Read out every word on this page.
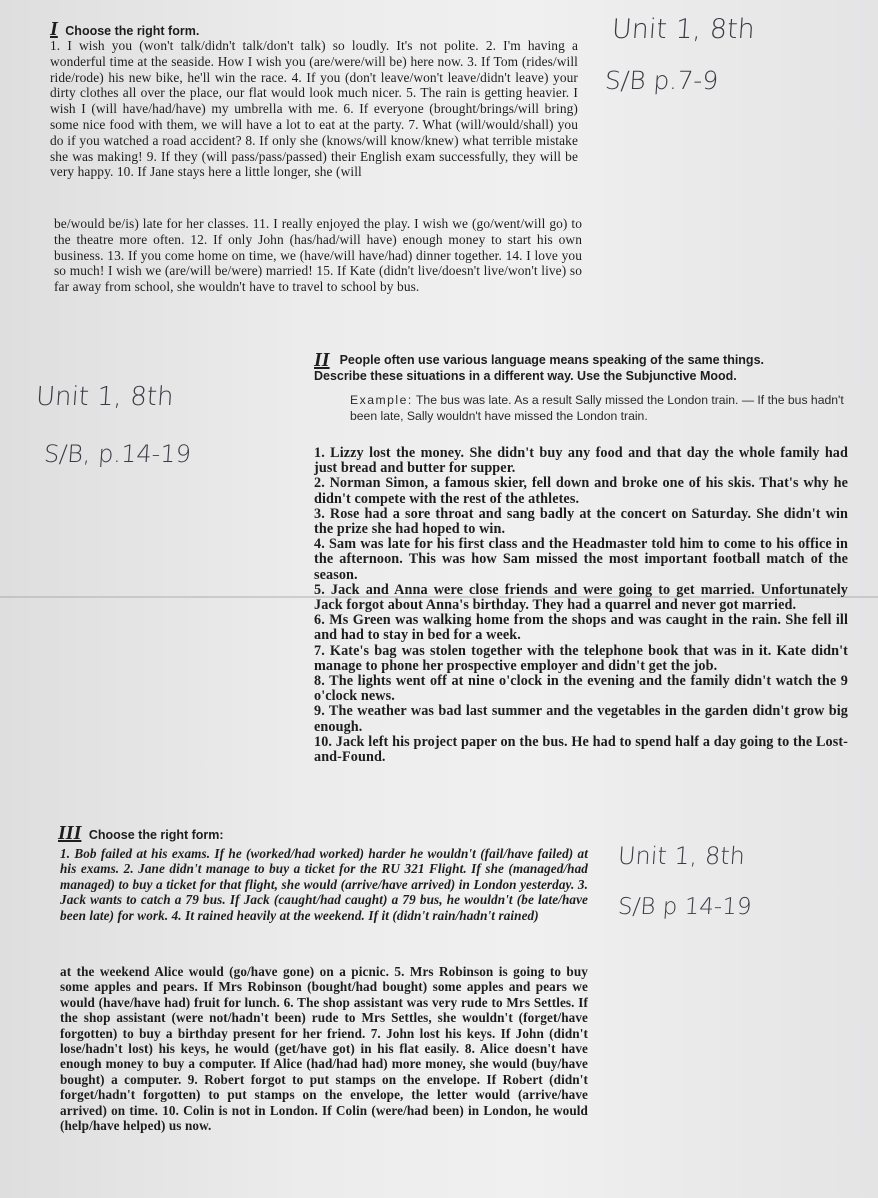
I Choose the right form.

1. I wish you (won't talk/didn't talk/don't talk) so loudly. It's not polite. 2. I'm having a wonderful time at the seaside. How I wish you (are/were/will be) here now. 3. If Tom (rides/will ride/rode) his new bike, he'll win the race. 4. If you (don't leave/won't leave/didn't leave) your dirty clothes all over the place, our flat would look much nicer. 5. The rain is getting heavier. I wish I (will have/had/have) my umbrella with me. 6. If everyone (brought/brings/will bring) some nice food with them, we will have a lot to eat at the party. 7. What (will/would/shall) you do if you watched a road accident? 8. If only she (knows/will know/knew) what terrible mistake she was making! 9. If they (will pass/pass/passed) their English exam successfully, they will be very happy. 10. If Jane stays here a little longer, she (will

be/would be/is) late for her classes. 11. I really enjoyed the play. I wish we (go/went/will go) to the theatre more often. 12. If only John (has/had/will have) enough money to start his own business. 13. If you come home on time, we (have/will have/had) dinner together. 14. I love you so much! I wish we (are/will be/were) married! 15. If Kate (didn't live/doesn't live/won't live) so far away from school, she wouldn't have to travel to school by bus.

Unit 1, 8th
S/B p.7-9
Unit 1, 8th
S/B, p.14-19
Unit 1, 8th
S/B p 14-19
II People often use various language means speaking of the same things.
Describe these situations in a different way. Use the Subjunctive Mood.
Example: The bus was late. As a result Sally missed the London train. — If the bus hadn't been late, Sally wouldn't have missed the London train.

1. Lizzy lost the money. She didn't buy any food and that day the whole family had just bread and butter for supper.

2. Norman Simon, a famous skier, fell down and broke one of his skis. That's why he didn't compete with the rest of the athletes.

3. Rose had a sore throat and sang badly at the concert on Saturday. She didn't win the prize she had hoped to win.

4. Sam was late for his first class and the Headmaster told him to come to his office in the afternoon. This was how Sam missed the most important football match of the season.

5. Jack and Anna were close friends and were going to get married. Unfortunately Jack forgot about Anna's birthday. They had a quarrel and never got married.

6. Ms Green was walking home from the shops and was caught in the rain. She fell ill and had to stay in bed for a week.

7. Kate's bag was stolen together with the telephone book that was in it. Kate didn't manage to phone her prospective employer and didn't get the job.

8. The lights went off at nine o'clock in the evening and the family didn't watch the 9 o'clock news.

9. The weather was bad last summer and the vegetables in the garden didn't grow big enough.

10. Jack left his project paper on the bus. He had to spend half a day going to the Lost-and-Found.

III Choose the right form:

1. Bob failed at his exams. If he (worked/had worked) harder he wouldn't (fail/have failed) at his exams. 2. Jane didn't manage to buy a ticket for the RU 321 Flight. If she (managed/had managed) to buy a ticket for that flight, she would (arrive/have arrived) in London yesterday. 3. Jack wants to catch a 79 bus. If Jack (caught/had caught) a 79 bus, he wouldn't (be late/have been late) for work. 4. It rained heavily at the weekend. If it (didn't rain/hadn't rained)

at the weekend Alice would (go/have gone) on a picnic. 5. Mrs Robinson is going to buy some apples and pears. If Mrs Robinson (bought/had bought) some apples and pears we would (have/have had) fruit for lunch. 6. The shop assistant was very rude to Mrs Settles. If the shop assistant (were not/hadn't been) rude to Mrs Settles, she wouldn't (forget/have forgotten) to buy a birthday present for her friend. 7. John lost his keys. If John (didn't lose/hadn't lost) his keys, he would (get/have got) in his flat easily. 8. Alice doesn't have enough money to buy a computer. If Alice (had/had had) more money, she would (buy/have bought) a computer. 9. Robert forgot to put stamps on the envelope. If Robert (didn't forget/hadn't forgotten) to put stamps on the envelope, the letter would (arrive/have arrived) on time. 10. Colin is not in London. If Colin (were/had been) in London, he would (help/have helped) us now.
